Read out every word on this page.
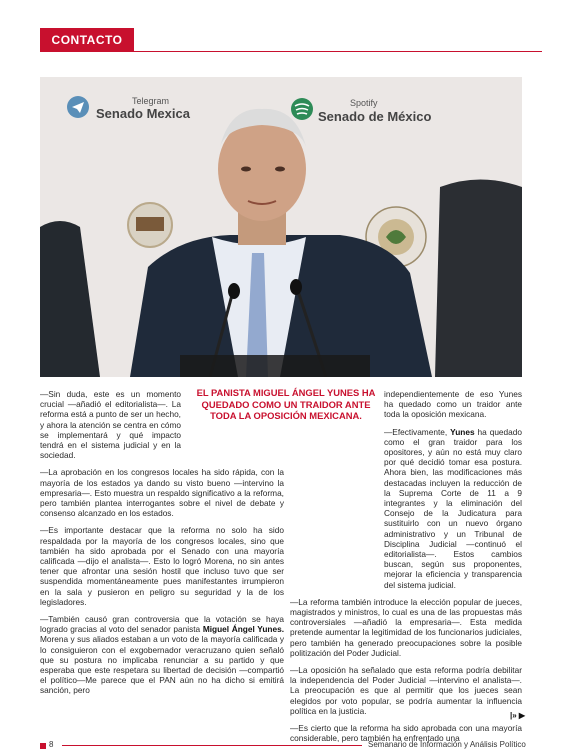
CONTACTO
Telegram
Senado Mexica
Spotify
Senado de México
EL PANISTA MIGUEL ÁNGEL YUNES HA QUEDADO COMO UN TRAIDOR ANTE TODA LA OPOSICIÓN MEXICANA.

—Sin duda, este es un momento crucial —añadió el editorialista—. La reforma está a punto de ser un hecho, y ahora la atención se centra en cómo se implementará y qué impacto tendrá en el sistema judicial y en la sociedad.

—La aprobación en los congresos locales ha sido rápida, con la mayoría de los estados ya dando su visto bueno —intervino la empresaria—. Esto muestra un respaldo significativo a la reforma, pero también plantea interrogantes sobre el nivel de debate y consenso alcanzado en los estados.

—Es importante destacar que la reforma no solo ha sido respaldada por la mayoría de los congresos locales, sino que también ha sido aprobada por el Senado con una mayoría calificada —dijo el analista—. Esto lo logró Morena, no sin antes tener que afrontar una sesión hostil que incluso tuvo que ser suspendida momentáneamente pues manifestantes irrumpieron en la sala y pusieron en peligro su seguridad y la de los legisladores.

—También causó gran controversia que la votación se haya logrado gracias al voto del senador panista Miguel Ángel Yunes. Morena y sus aliados estaban a un voto de la mayoría calificada y lo consiguieron con el exgobernador veracruzano quien señaló que su postura no implicaba renunciar a su partido y que esperaba que este respetara su libertad de decisión —compartió el político—Me parece que el PAN aún no ha dicho si emitirá sanción, pero

independientemente de eso Yunes ha quedado como un traidor ante toda la oposición mexicana.

—Efectivamente, Yunes ha quedado como el gran traidor para los opositores, y aún no está muy claro por qué decidió tomar esa postura. Ahora bien, las modificaciones más destacadas incluyen la reducción de la Suprema Corte de 11 a 9 integrantes y la eliminación del Consejo de la Judicatura para sustituirlo con un nuevo órgano administrativo y un Tribunal de Disciplina Judicial —continuó el editorialista—. Estos cambios buscan, según sus proponentes, mejorar la eficiencia y transparencia del sistema judicial.

—La reforma también introduce la elección popular de jueces, magistrados y ministros, lo cual es una de las propuestas más controversiales —añadió la empresaria—. Esta medida pretende aumentar la legitimidad de los funcionarios judiciales, pero también ha generado preocupaciones sobre la posible politización del Poder Judicial.

—La oposición ha señalado que esta reforma podría debilitar la independencia del Poder Judicial —intervino el analista—. La preocupación es que al permitir que los jueces sean elegidos por voto popular, se podría aumentar la influencia política en la justicia.

—Es cierto que la reforma ha sido aprobada con una mayoría considerable, pero también ha enfrentado una

|» ▶
8	Semanario de Información y Análisis Político
